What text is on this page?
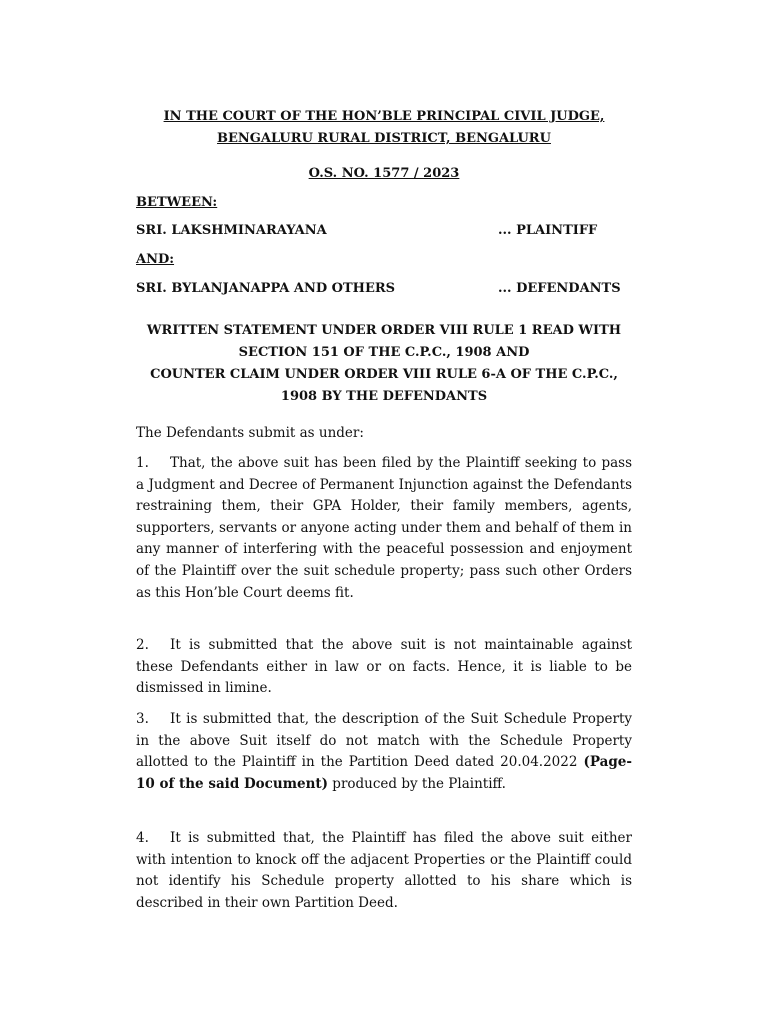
IN THE COURT OF THE HON’BLE PRINCIPAL CIVIL JUDGE,
BENGALURU RURAL DISTRICT, BENGALURU
O.S. NO. 1577 / 2023
BETWEEN:
SRI. LAKSHMINARAYANA	... PLAINTIFF
AND:
SRI. BYLANJANAPPA AND OTHERS	... DEFENDANTS
WRITTEN STATEMENT UNDER ORDER VIII RULE 1 READ WITH
SECTION 151 OF THE C.P.C., 1908 AND
COUNTER CLAIM UNDER ORDER VIII RULE 6-A OF THE C.P.C.,
1908 BY THE DEFENDANTS
The Defendants submit as under:
1. That, the above suit has been filed by the Plaintiff seeking to pass a Judgment and Decree of Permanent Injunction against the Defendants restraining them, their GPA Holder, their family members, agents, supporters, servants or anyone acting under them and behalf of them in any manner of interfering with the peaceful possession and enjoyment of the Plaintiff over the suit schedule property; pass such other Orders as this Hon’ble Court deems fit.
2. It is submitted that the above suit is not maintainable against these Defendants either in law or on facts. Hence, it is liable to be dismissed in limine.
3. It is submitted that, the description of the Suit Schedule Property in the above Suit itself do not match with the Schedule Property allotted to the Plaintiff in the Partition Deed dated 20.04.2022 (Page-10 of the said Document) produced by the Plaintiff.
4. It is submitted that, the Plaintiff has filed the above suit either with intention to knock off the adjacent Properties or the Plaintiff could not identify his Schedule property allotted to his share which is described in their own Partition Deed.
